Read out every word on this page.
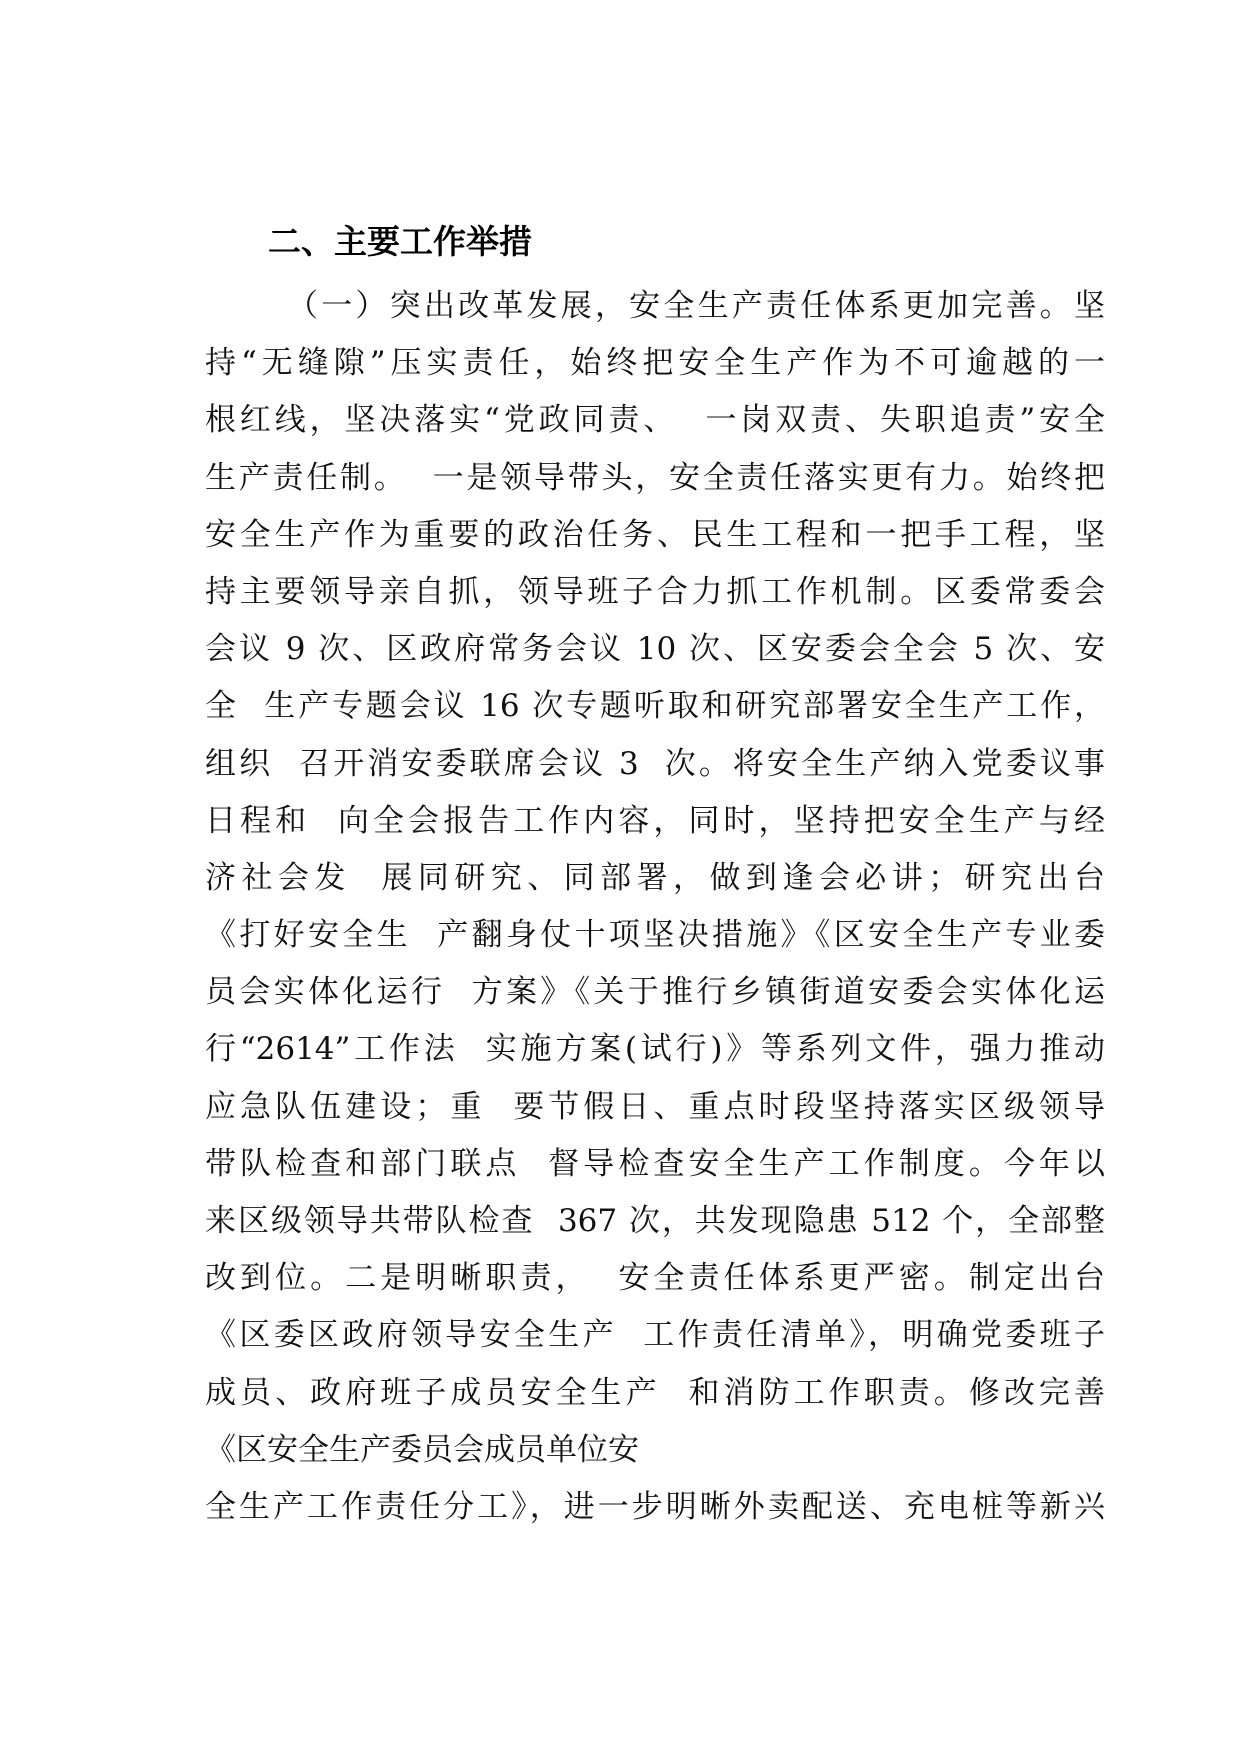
二、主要工作举措
（一）突出改革发展，安全生产责任体系更加完善。坚
持“无缝隙”压实责任，始终把安全生产作为不可逾越的一
根红线，坚决落实“党政同责、  一岗双责、失职追责”安全
生产责任制。  一是领导带头，安全责任落实更有力。始终把
安全生产作为重要的政治任务、民生工程和一把手工程，坚
持主要领导亲自抓，领导班子合力抓工作机制。区委常委会
会议 9 次、区政府常务会议 10 次、区安委会全会 5 次、安
全  生产专题会议 16 次专题听取和研究部署安全生产工作，
组织  召开消安委联席会议 3  次。将安全生产纳入党委议事
日程和  向全会报告工作内容，同时，坚持把安全生产与经
济社会发  展同研究、同部署，做到逢会必讲；研究出台
《打好安全生  产翻身仗十项坚决措施》《区安全生产专业委
员会实体化运行  方案》《关于推行乡镇街道安委会实体化运
行“2614”工作法  实施方案(试行)》等系列文件，强力推动
应急队伍建设；重  要节假日、重点时段坚持落实区级领导
带队检查和部门联点  督导检查安全生产工作制度。今年以
来区级领导共带队检查  367 次，共发现隐患 512 个，全部整
改到位。二是明晰职责，  安全责任体系更严密。制定出台
《区委区政府领导安全生产  工作责任清单》，明确党委班子
成员、政府班子成员安全生产  和消防工作职责。修改完善
《区安全生产委员会成员单位安
全生产工作责任分工》，进一步明晰外卖配送、充电桩等新兴
